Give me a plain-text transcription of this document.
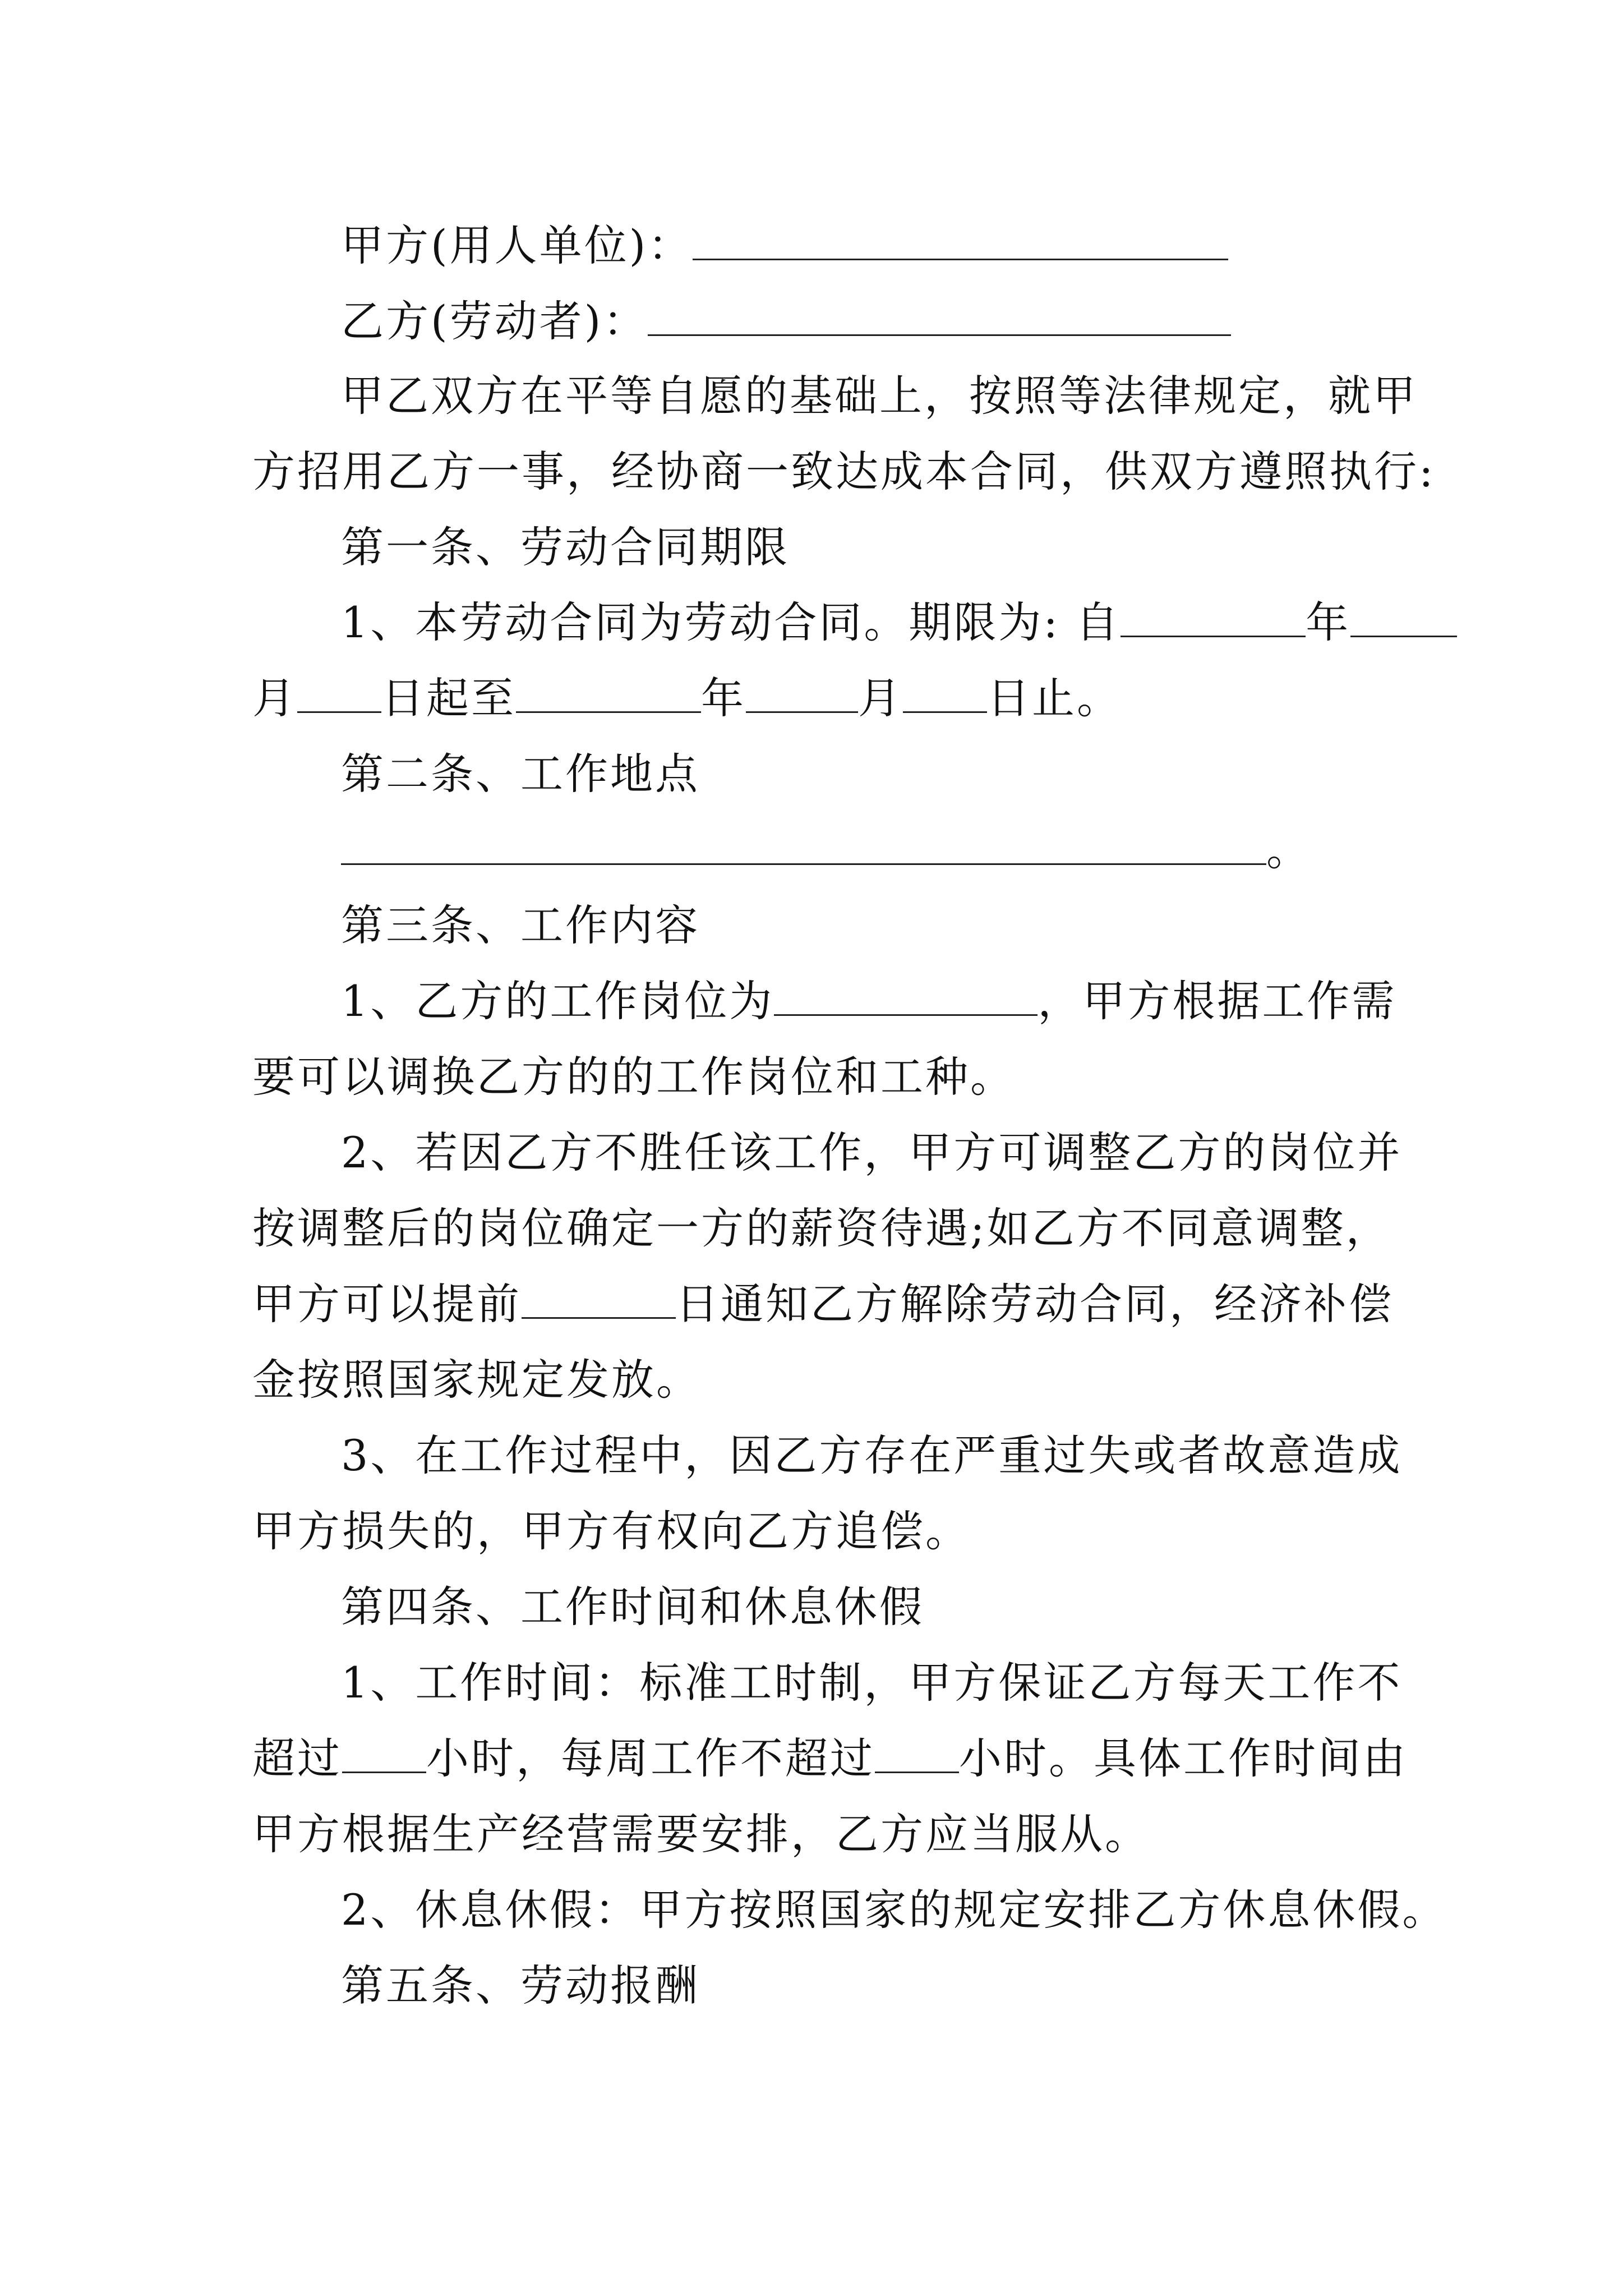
甲方(用人单位)：
乙方(劳动者)：
甲乙双方在平等自愿的基础上，按照等法律规定，就甲
方招用乙方一事，经协商一致达成本合同，供双方遵照执行:
第一条、劳动合同期限
1、本劳动合同为劳动合同。期限为: 自	年
月 日起至	年	月 日止。
第二条、工作地点
。
第三条、工作内容
1、乙方的工作岗位为	，甲方根据工作需
要可以调换乙方的的工作岗位和工种。
2、若因乙方不胜任该工作，甲方可调整乙方的岗位并
按调整后的岗位确定一方的薪资待遇;如乙方不同意调整，
甲方可以提前	日通知乙方解除劳动合同，经济补偿
金按照国家规定发放。
3、在工作过程中，因乙方存在严重过失或者故意造成
甲方损失的，甲方有权向乙方追偿。
第四条、工作时间和休息休假
1、工作时间：标准工时制，甲方保证乙方每天工作不
超过 小时，每周工作不超过 小时。具体工作时间由
甲方根据生产经营需要安排，乙方应当服从。
2、休息休假：甲方按照国家的规定安排乙方休息休假。
第五条、劳动报酬
